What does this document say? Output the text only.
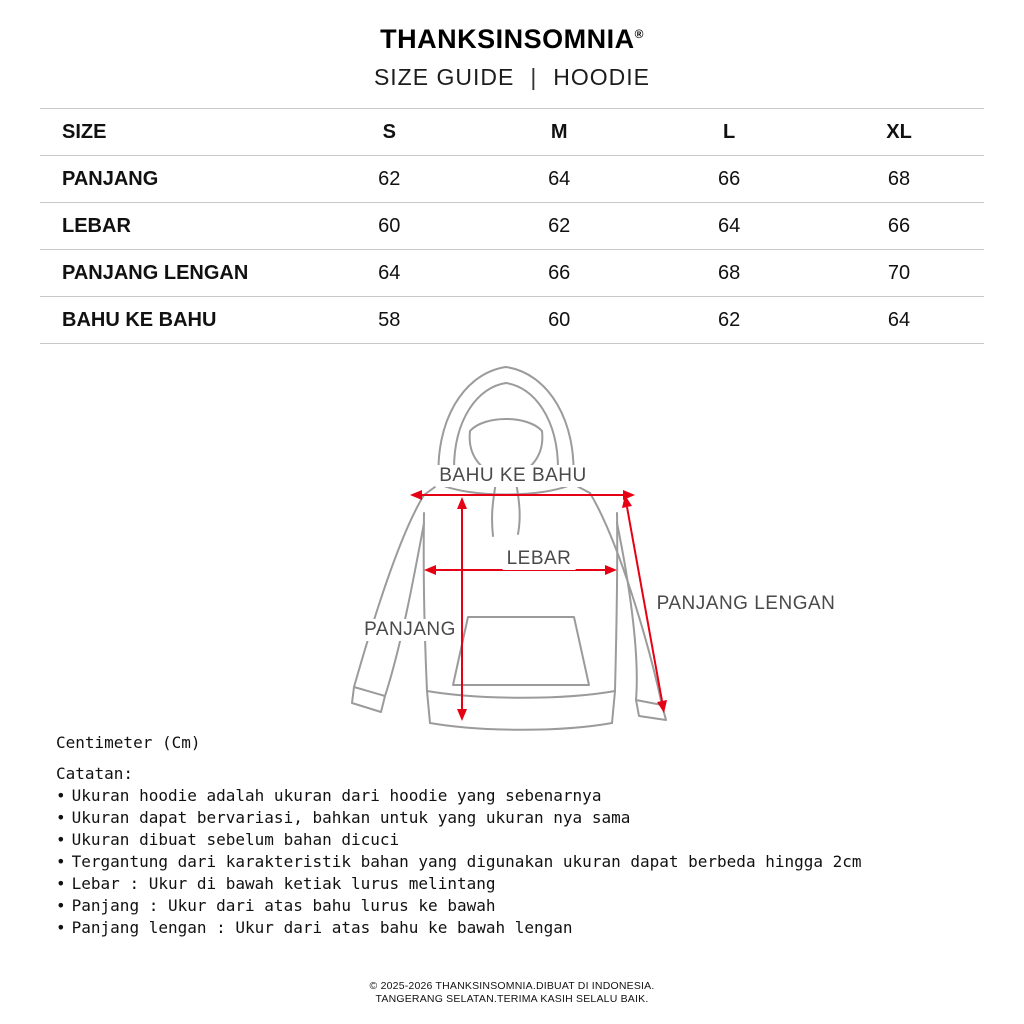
THANKSINSOMNIA®
SIZE GUIDE | HOODIE
SIZE	S	M	L	XL
PANJANG	62	64	66	68
LEBAR	60	62	64	66
PANJANG LENGAN	64	66	68	70
BAHU KE BAHU	58	60	62	64
BAHU KE BAHU
LEBAR
PANJANG
PANJANG LENGAN
Centimeter (Cm)
Catatan:
• Ukuran hoodie adalah ukuran dari hoodie yang sebenarnya
• Ukuran dapat bervariasi, bahkan untuk yang ukuran nya sama
• Ukuran dibuat sebelum bahan dicuci
• Tergantung dari karakteristik bahan yang digunakan ukuran dapat berbeda hingga 2cm
• Lebar : Ukur di bawah ketiak lurus melintang
• Panjang : Ukur dari atas bahu lurus ke bawah
• Panjang lengan : Ukur dari atas bahu ke bawah lengan
© 2025-2026 THANKSINSOMNIA.DIBUAT DI INDONESIA.
TANGERANG SELATAN.TERIMA KASIH SELALU BAIK.
